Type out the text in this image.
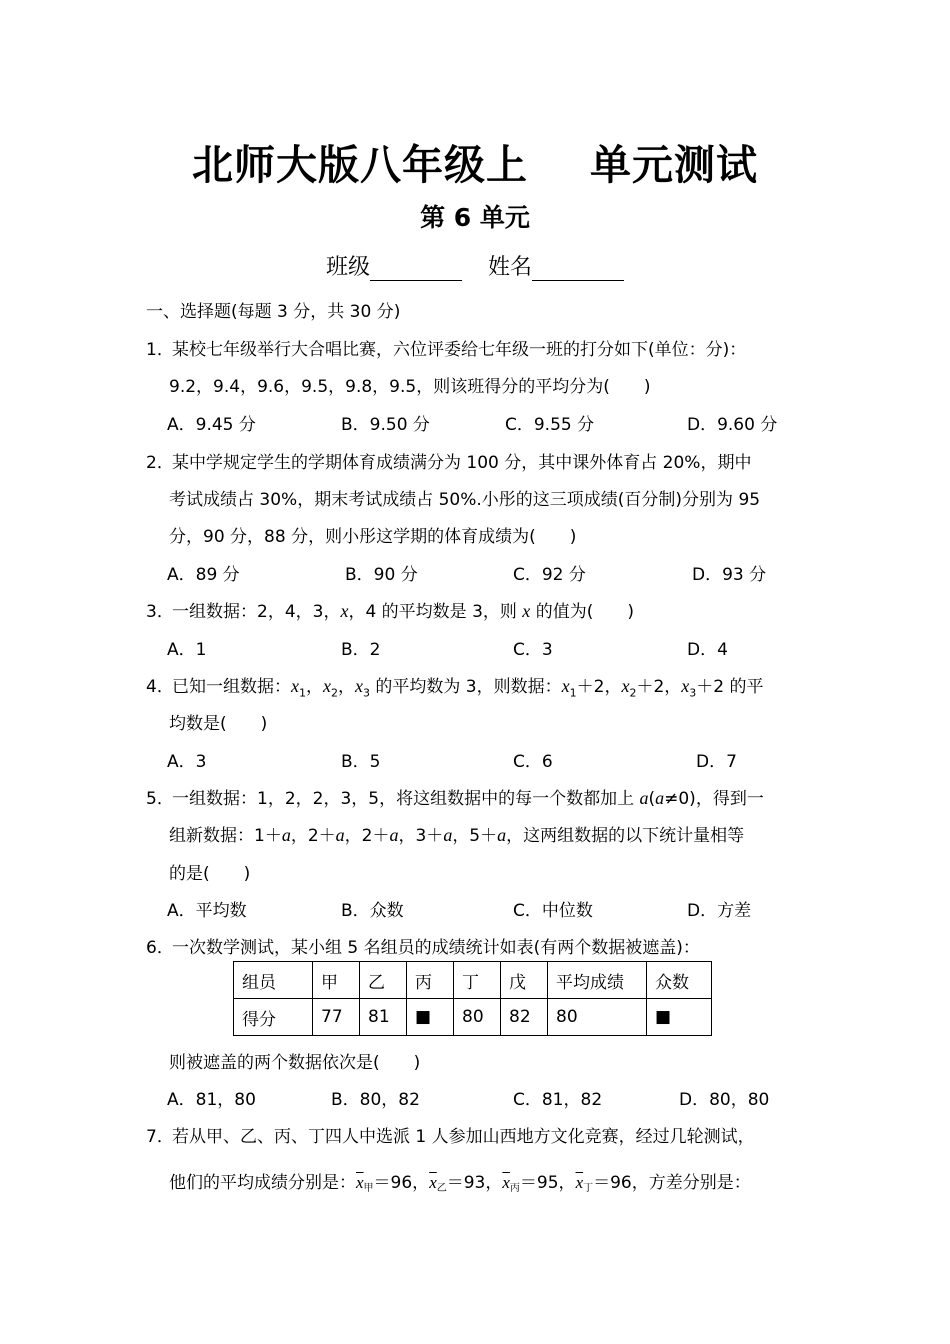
北师大版八年级上 单元测试
第 6 单元
班级	姓名
一、选择题(每题 3 分，共 30 分)
1．
某校七年级举行大合唱比赛，六位评委给七年级一班的打分如下(单位：分)：
9.2，9.4，9.6，9.5，9.8，9.5，则该班得分的平均分为(　　)
A．9.45 分	B．9.50 分	C．9.55 分	D．9.60 分
2．
某中学规定学生的学期体育成绩满分为 100 分，其中课外体育占 20%，期中
考试成绩占 30%，期末考试成绩占 50%.小彤的这三项成绩(百分制)分别为 95
分，90 分，88 分，则小彤这学期的体育成绩为(　　)
A．89 分	B．90 分	C．92 分	D．93 分
3．
一组数据：2，4，3，x，4 的平均数是 3，则 x 的值为(　　)
A．1	B．2	C．3	D．4
4．
已知一组数据：$x_1$，$x_2$，$x_3$ 的平均数为 3，则数据：$x_1+2$，$x_2+2$，$x_3+2$ 的平
均数是(　　)
A．3	B．5	C．6	D．7
5．
一组数据：1，2，2，3，5，将这组数据中的每一个数都加上 a(a≠0)，得到一
组新数据：1＋a，2＋a，2＋a，3＋a，5＋a，这两组数据的以下统计量相等
的是(　　)
A．平均数	B．众数	C．中位数	D．方差
6．
一次数学测试，某小组 5 名组员的成绩统计如表(有两个数据被遮盖)：
组员	甲	乙	丙	丁	戊	平均成绩	众数
得分	77	81	■	80	82	80	■
则被遮盖的两个数据依次是(　　)
A．81，80	B．80，82	C．81，82	D．80，80
7．
若从甲、乙、丙、丁四人中选派 1 人参加山西地方文化竞赛，经过几轮测试，
他们的平均成绩分别是：$\overline{x}$甲＝96，$\overline{x}$乙＝93，$\overline{x}$丙＝95，$\overline{x}$丁＝96，方差分别是：
